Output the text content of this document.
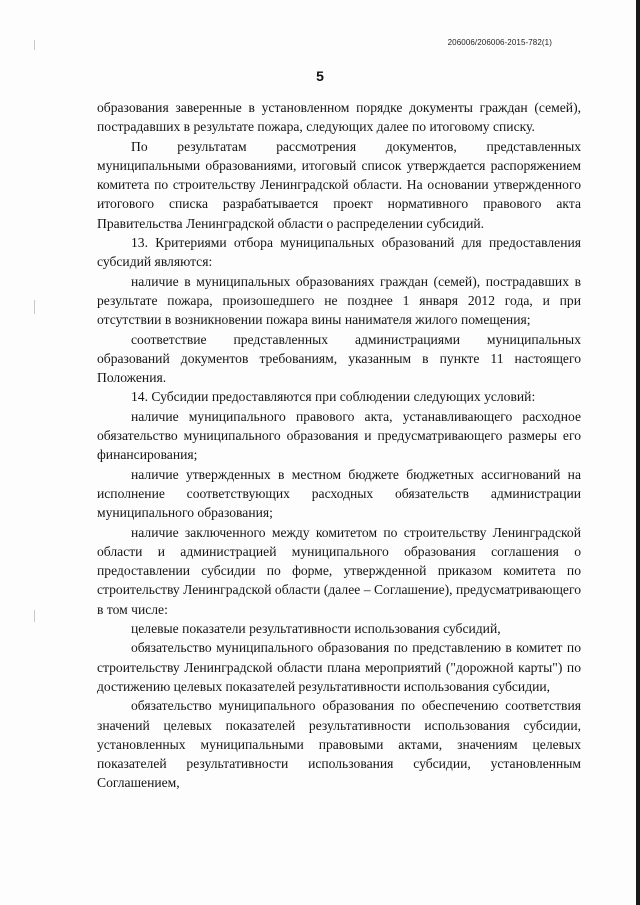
206006/206006-2015-782(1)
5

образования заверенные в установленном порядке документы граждан (семей), пострадавших в результате пожара, следующих далее по итоговому списку.

По результатам рассмотрения документов, представленных муниципальными образованиями, итоговый список утверждается распоряжением комитета по строительству Ленинградской области. На основании утвержденного итогового списка разрабатывается проект нормативного правового акта Правительства Ленинградской области о распределении субсидий.

13. Критериями отбора муниципальных образований для предоставления субсидий являются:

наличие в муниципальных образованиях граждан (семей), пострадавших в результате пожара, произошедшего не позднее 1 января 2012 года, и при отсутствии в возникновении пожара вины нанимателя жилого помещения;

соответствие представленных администрациями муниципальных образований документов требованиям, указанным в пункте 11 настоящего Положения.

14. Субсидии предоставляются при соблюдении следующих условий:

наличие муниципального правового акта, устанавливающего расходное обязательство муниципального образования и предусматривающего размеры его финансирования;

наличие утвержденных в местном бюджете бюджетных ассигнований на исполнение соответствующих расходных обязательств администрации муниципального образования;

наличие заключенного между комитетом по строительству Ленинградской области и администрацией муниципального образования соглашения о предоставлении субсидии по форме, утвержденной приказом комитета по строительству Ленинградской области (далее – Соглашение), предусматривающего в том числе:

целевые показатели результативности использования субсидий,

обязательство муниципального образования по представлению в комитет по строительству Ленинградской области плана мероприятий ("дорожной карты") по достижению целевых показателей результативности использования субсидии,

обязательство муниципального образования по обеспечению соответствия значений целевых показателей результативности использования субсидии, установленных муниципальными правовыми актами, значениям целевых показателей результативности использования субсидии, установленным Соглашением,
